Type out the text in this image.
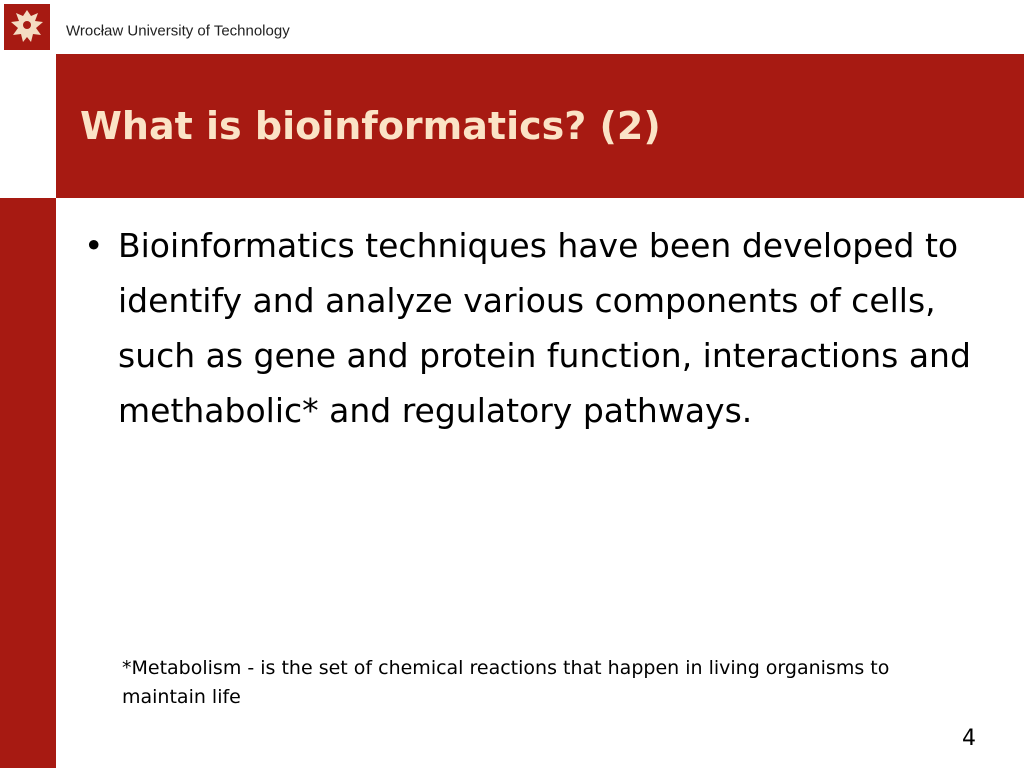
Wrocław University of Technology
What is bioinformatics? (2)
• Bioinformatics techniques have been developed to identify and analyze various components of cells, such as gene and protein function, interactions and methabolic* and regulatory pathways.
*Metabolism - is the set of chemical reactions that happen in living organisms to maintain life
4
